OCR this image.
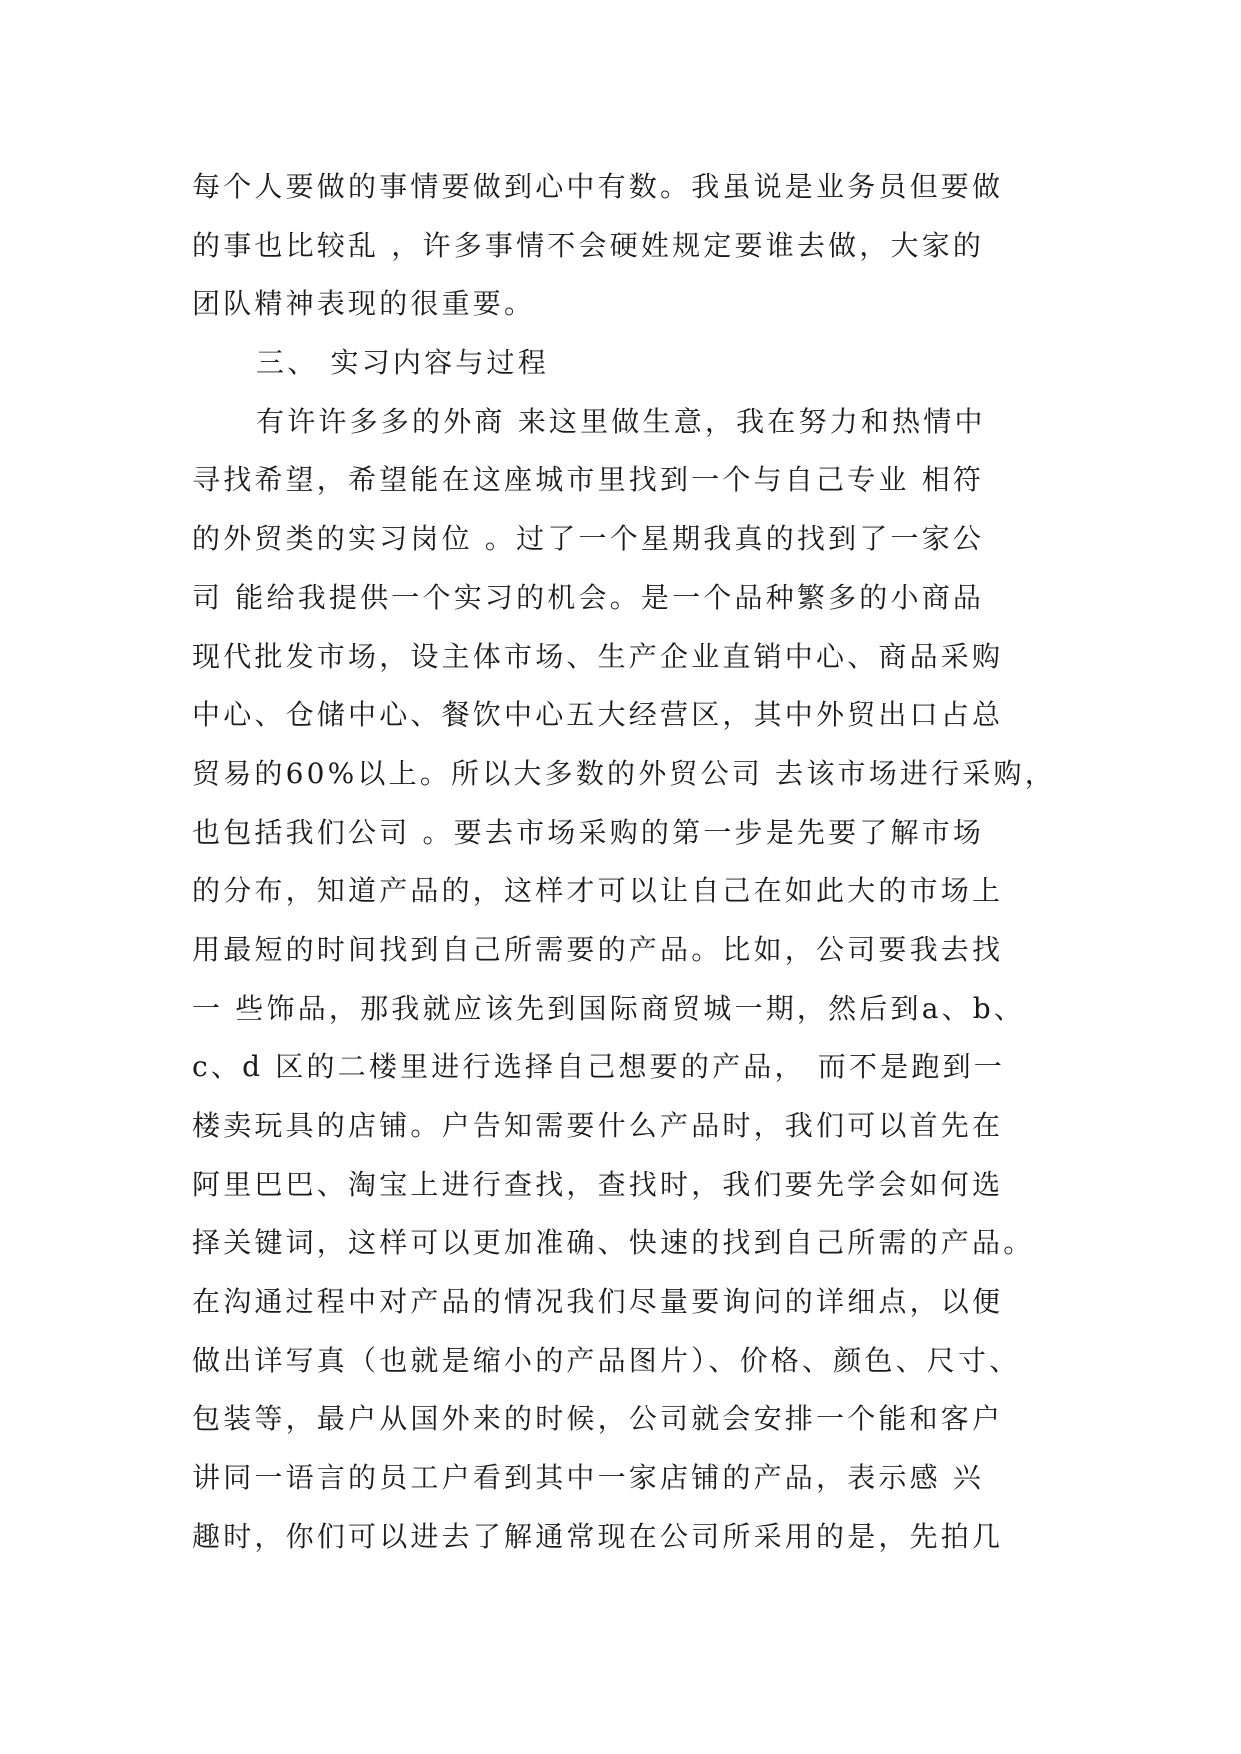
每个人要做的事情要做到心中有数。我虽说是业务员但要做
的事也比较乱 ，许多事情不会硬姓规定要谁去做，大家的
团队精神表现的很重要。
三、 实习内容与过程
有许许多多的外商 来这里做生意，我在努力和热情中
寻找希望，希望能在这座城市里找到一个与自己专业 相符
的外贸类的实习岗位 。过了一个星期我真的找到了一家公
司 能给我提供一个实习的机会。是一个品种繁多的小商品
现代批发市场，设主体市场、生产企业直销中心、商品采购
中心、仓储中心、餐饮中心五大经营区，其中外贸出口占总
贸易的60%以上。所以大多数的外贸公司 去该市场进行采购，
也包括我们公司 。要去市场采购的第一步是先要了解市场
的分布，知道产品的，这样才可以让自己在如此大的市场上
用最短的时间找到自己所需要的产品。比如，公司要我去找
一 些饰品，那我就应该先到国际商贸城一期，然后到a、b、
c、d 区的二楼里进行选择自己想要的产品， 而不是跑到一
楼卖玩具的店铺。户告知需要什么产品时，我们可以首先在
阿里巴巴、淘宝上进行查找，查找时，我们要先学会如何选
择关键词，这样可以更加准确、快速的找到自己所需的产品。
在沟通过程中对产品的情况我们尽量要询问的详细点，以便
做出详写真（也就是缩小的产品图片）、价格、颜色、尺寸、
包装等，最户从国外来的时候，公司就会安排一个能和客户
讲同一语言的员工户看到其中一家店铺的产品，表示感 兴
趣时，你们可以进去了解通常现在公司所采用的是，先拍几
